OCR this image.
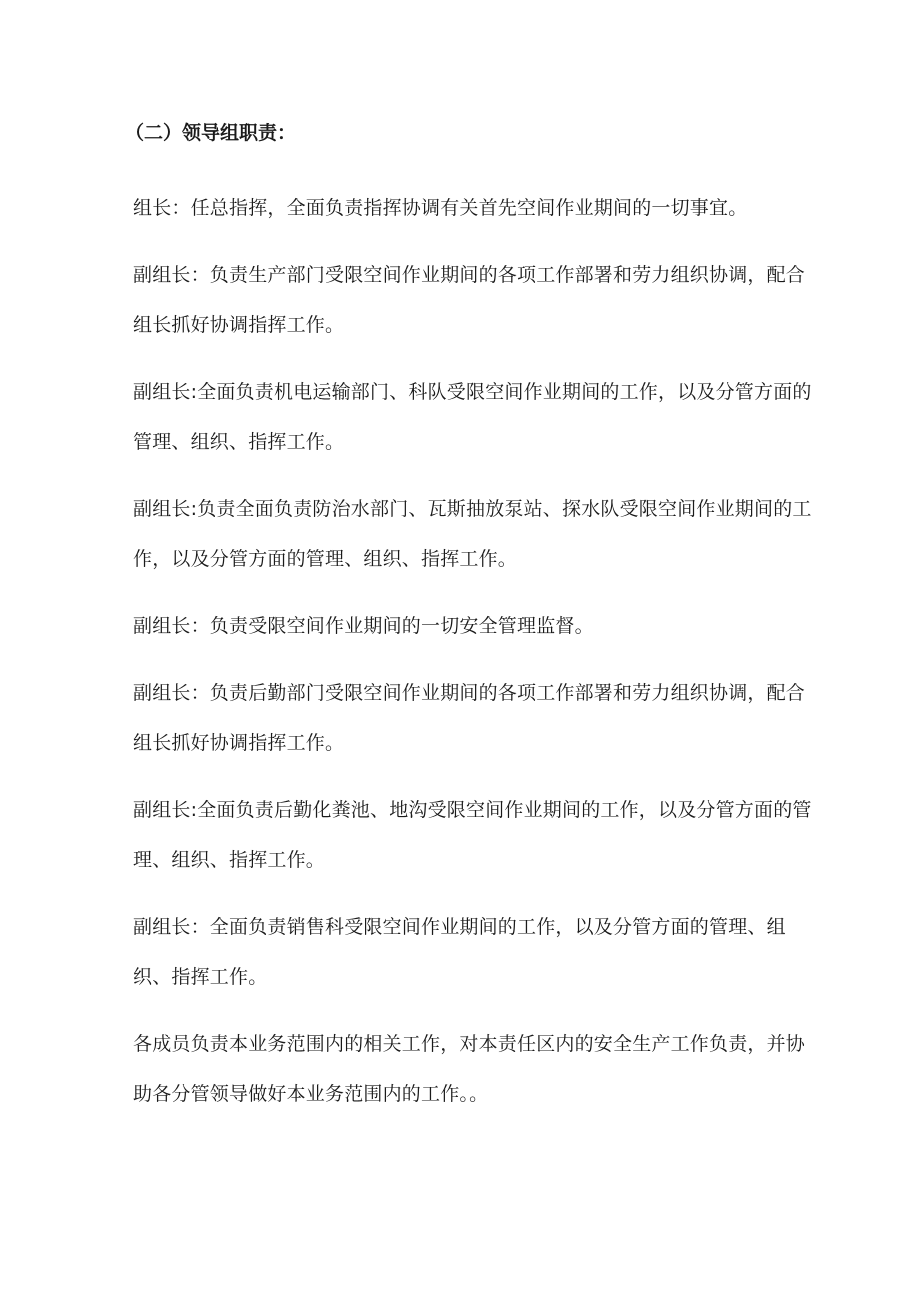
（二）领导组职责：

组长：任总指挥，全面负责指挥协调有关首先空间作业期间的一切事宜。

副组长：负责生产部门受限空间作业期间的各项工作部署和劳力组织协调，配合组长抓好协调指挥工作。

副组长:全面负责机电运输部门、科队受限空间作业期间的工作，以及分管方面的管理、组织、指挥工作。

副组长:负责全面负责防治水部门、瓦斯抽放泵站、探水队受限空间作业期间的工作，以及分管方面的管理、组织、指挥工作。

副组长：负责受限空间作业期间的一切安全管理监督。

副组长：负责后勤部门受限空间作业期间的各项工作部署和劳力组织协调，配合组长抓好协调指挥工作。

副组长:全面负责后勤化粪池、地沟受限空间作业期间的工作，以及分管方面的管理、组织、指挥工作。

副组长：全面负责销售科受限空间作业期间的工作，以及分管方面的管理、组织、指挥工作。

各成员负责本业务范围内的相关工作，对本责任区内的安全生产工作负责，并协助各分管领导做好本业务范围内的工作。。
